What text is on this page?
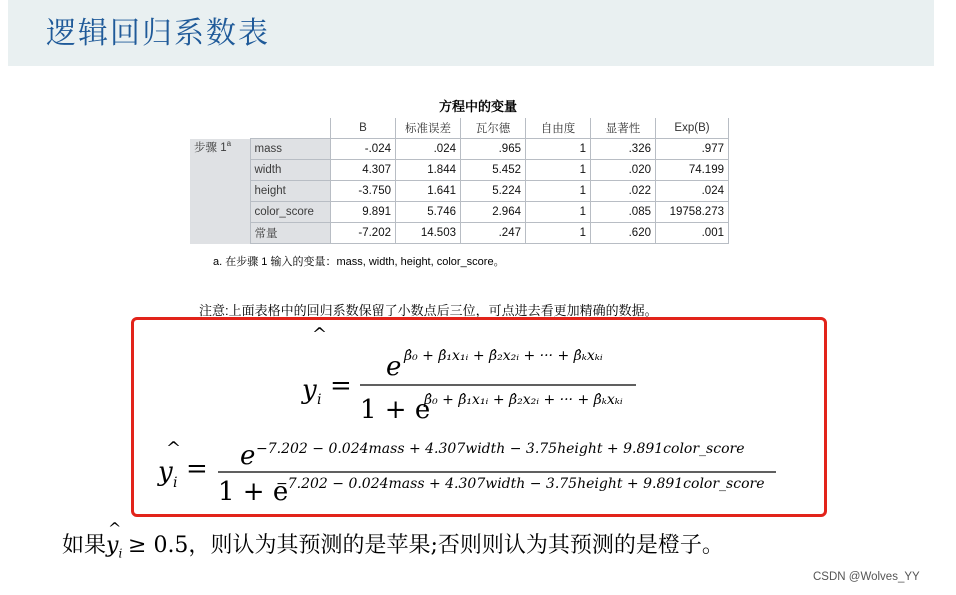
逻辑回归系数表
方程中的变量
		B	标准误差	瓦尔德	自由度	显著性	Exp(B)
步骤 1$^a$	mass	-.024	.024	.965	1	.326	.977
	width	4.307	1.844	5.452	1	.020	74.199
	height	-3.750	1.641	5.224	1	.022	.024
	color_score	9.891	5.746	2.964	1	.085	19758.273
	常量	-7.202	14.503	.247	1	.620	.001
a. 在步骤 1 输入的变量：mass, width, height, color_score。
注意:上面表格中的回归系数保留了小数点后三位，可点进去看更加精确的数据。
^
y i =
e β̂₀ + β̂₁x₁ᵢ + β̂₂x₂ᵢ + ··· + β̂ₖxₖᵢ
1 + e
β̂₀ + β̂₁x₁ᵢ + β̂₂x₂ᵢ + ··· + β̂ₖxₖᵢ
^
y i = e −7.202 − 0.024mass + 4.307width − 3.75height + 9.891color_score
1 + e
−7.202 − 0.024mass + 4.307width − 3.75height + 9.891color_score
如果
^
$y_i \ge 0.5$，则认为其预测的是苹果;否则则认为其预测的是橙子。
CSDN @Wolves_YY
